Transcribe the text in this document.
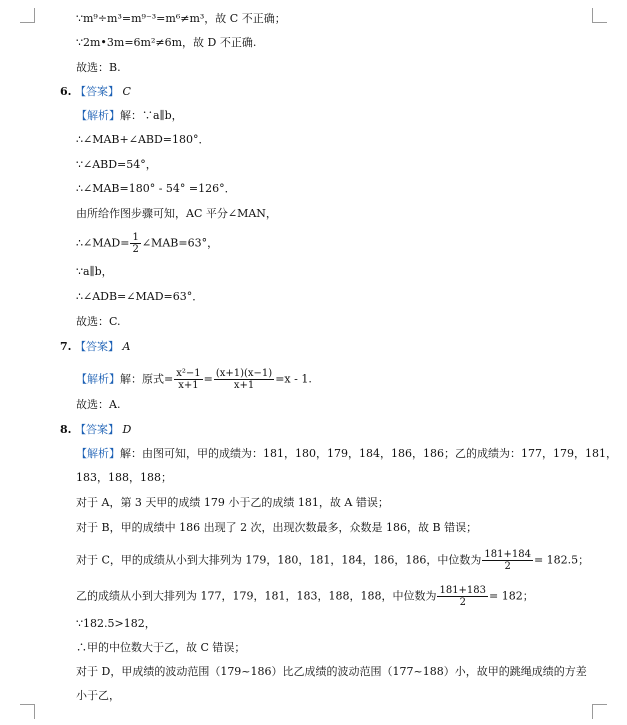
∵m⁹÷m³=m⁹⁻³=m⁶≠m³，故 C 不正确；
∵2m•3m=6m²≠6m，故 D 不正确.
故选：B.
6. 【答案】 C
【解析】解：∵a∥b，
∴∠MAB+∠ABD=180°．
∵∠ABD=54°，
∴∠MAB=180° - 54° =126°．
由所给作图步骤可知，AC 平分∠MAN，
∴∠MAD= $\frac{1}{2}$ ∠MAB=63°，
∵a∥b，
∴∠ADB=∠MAD=63°．
故选：C.
7. 【答案】 A
【解析】解：原式= $\frac{\text{x²−1}}{x+1} = \frac{(x+1)(x-1)}{x+1} =x - 1$.
故选：A.
8. 【答案】 D
【解析】解：由图可知，甲的成绩为：181，180，179，184，186，186；乙的成绩为：177，179，181，
183，188，188；
对于 A，第 3 天甲的成绩 179 小于乙的成绩 181，故 A 错误；
对于 B，甲的成绩中 186 出现了 2 次，出现次数最多，众数是 186，故 B 错误；
对于 C，甲的成绩从小到大排列为 179，180，181，184，186，186，中位数为 $\frac{181+184}{2} = 182.5$；
乙的成绩从小到大排列为 177，179，181，183，188，188，中位数为 $\frac{181+183}{2} = 182$；
∵182.5>182，
∴甲的中位数大于乙，故 C 错误；
对于 D，甲成绩的波动范围（179~186）比乙成绩的波动范围（177~188）小，故甲的跳绳成绩的方差
小于乙，
